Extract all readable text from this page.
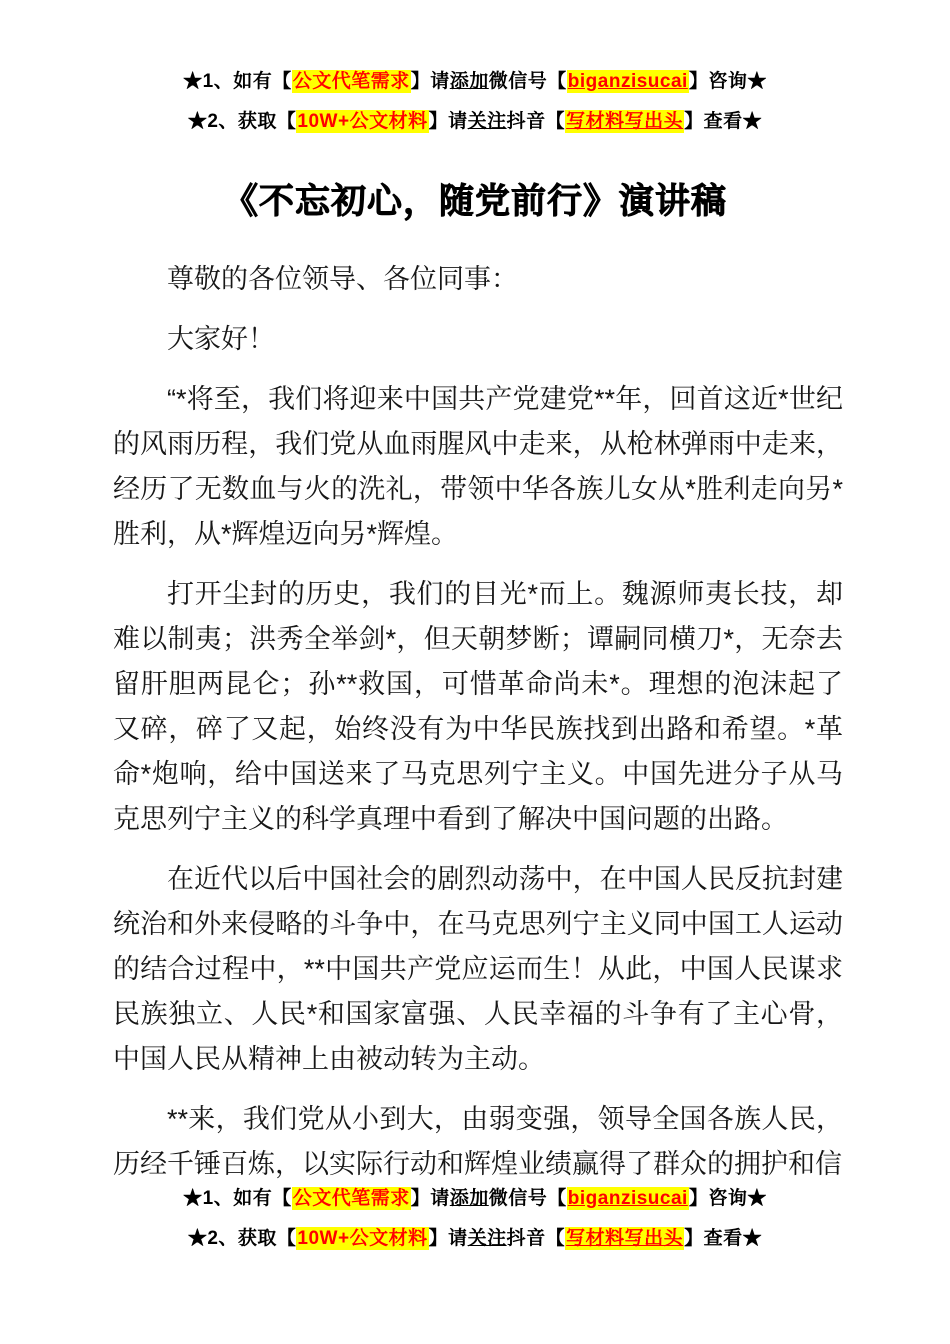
★1、如有【公文代笔需求】请添加微信号【biganzisucai】咨询★
★2、获取【10W+公文材料】请关注抖音【写材料写出头】查看★
《不忘初心，随党前行》演讲稿

尊敬的各位领导、各位同事：

大家好！

“*将至，我们将迎来中国共产党建党**年，回首这近*世纪的风雨历程，我们党从血雨腥风中走来，从枪林弹雨中走来，经历了无数血与火的洗礼，带领中华各族儿女从*胜利走向另*胜利，从*辉煌迈向另*辉煌。

打开尘封的历史，我们的目光*而上。魏源师夷长技，却难以制夷；洪秀全举剑*，但天朝梦断；谭嗣同横刀*，无奈去留肝胆两昆仑；孙**救国，可惜革命尚未*。理想的泡沫起了又碎，碎了又起，始终没有为中华民族找到出路和希望。*革命*炮响，给中国送来了马克思列宁主义。中国先进分子从马克思列宁主义的科学真理中看到了解决中国问题的出路。

在近代以后中国社会的剧烈动荡中，在中国人民反抗封建统治和外来侵略的斗争中，在马克思列宁主义同中国工人运动的结合过程中，**中国共产党应运而生！从此，中国人民谋求民族独立、人民*和国家富强、人民幸福的斗争有了主心骨，中国人民从精神上由被动转为主动。

**来，我们党从小到大，由弱变强，领导全国各族人民，历经千锤百炼，以实际行动和辉煌业绩赢得了群众的拥护和信

★1、如有【公文代笔需求】请添加微信号【biganzisucai】咨询★
★2、获取【10W+公文材料】请关注抖音【写材料写出头】查看★
